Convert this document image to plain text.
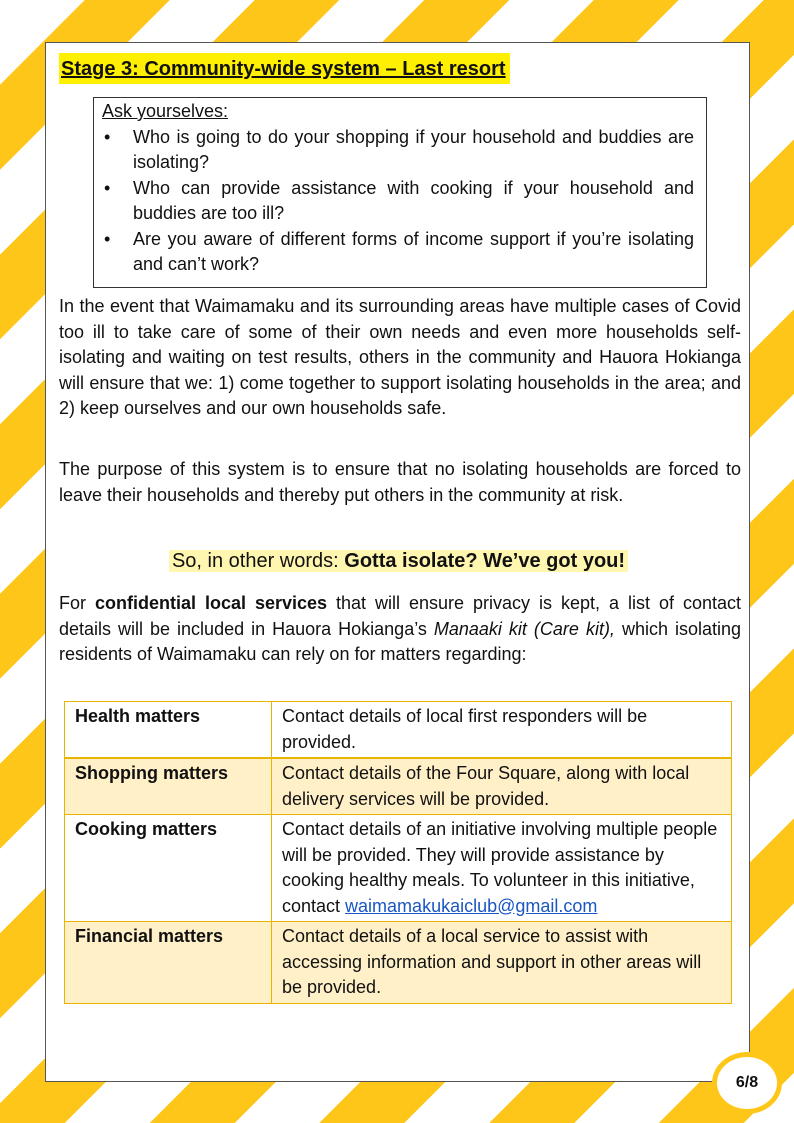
Stage 3: Community-wide system – Last resort
Ask yourselves:
• Who is going to do your shopping if your household and buddies are isolating?
• Who can provide assistance with cooking if your household and buddies are too ill?
• Are you aware of different forms of income support if you’re isolating and can’t work?

In the event that Waimamaku and its surrounding areas have multiple cases of Covid too ill to take care of some of their own needs and even more households self-isolating and waiting on test results, others in the community and Hauora Hokianga will ensure that we: 1) come together to support isolating households in the area; and 2) keep ourselves and our own households safe.

The purpose of this system is to ensure that no isolating households are forced to leave their households and thereby put others in the community at risk.

So, in other words: Gotta isolate? We’ve got you!

For confidential local services that will ensure privacy is kept, a list of contact details will be included in Hauora Hokianga’s Manaaki kit (Care kit), which isolating residents of Waimamaku can rely on for matters regarding:

Health matters	Contact details of local first responders will be provided.
Shopping matters	Contact details of the Four Square, along with local delivery services will be provided.
Cooking matters	Contact details of an initiative involving multiple people will be provided. They will provide assistance by cooking healthy meals. To volunteer in this initiative, contact waimamakukaiclub@gmail.com
Financial matters	Contact details of a local service to assist with accessing information and support in other areas will be provided.
6/8
